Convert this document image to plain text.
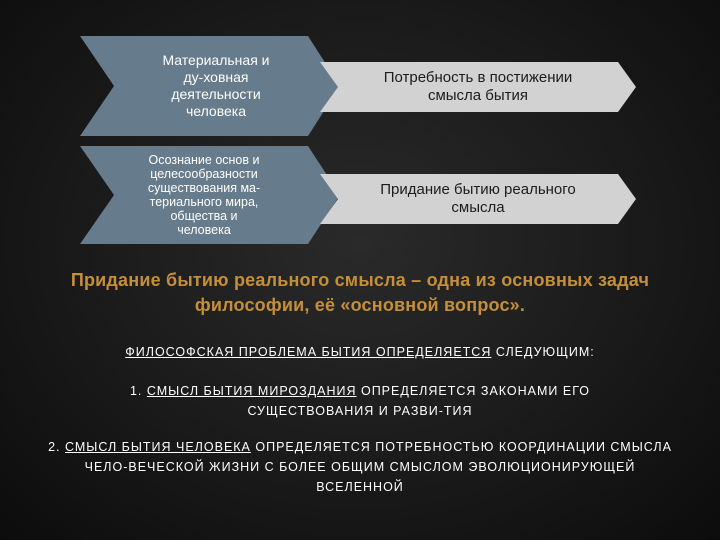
Материальная и
ду-ховная
деятельности
человека
Осознание основ и
целесообразности
существования ма-
териального мира,
общества и
человека
Потребность в постижении
смысла бытия
Придание бытию реального
смысла
Придание бытию реального смысла – одна из основных задач философии, её «основной вопрос».
ФИЛОСОФСКАЯ ПРОБЛЕМА БЫТИЯ ОПРЕДЕЛЯЕТСЯ СЛЕДУЮЩИМ:
1. СМЫСЛ БЫТИЯ МИРОЗДАНИЯ ОПРЕДЕЛЯЕТСЯ ЗАКОНАМИ ЕГО СУЩЕСТВОВАНИЯ И РАЗВИ-ТИЯ
2. СМЫСЛ БЫТИЯ ЧЕЛОВЕКА ОПРЕДЕЛЯЕТСЯ ПОТРЕБНОСТЬЮ КООРДИНАЦИИ СМЫСЛА ЧЕЛО-ВЕЧЕСКОЙ ЖИЗНИ С БОЛЕЕ ОБЩИМ СМЫСЛОМ ЭВОЛЮЦИОНИРУЮЩЕЙ ВСЕЛЕННОЙ
